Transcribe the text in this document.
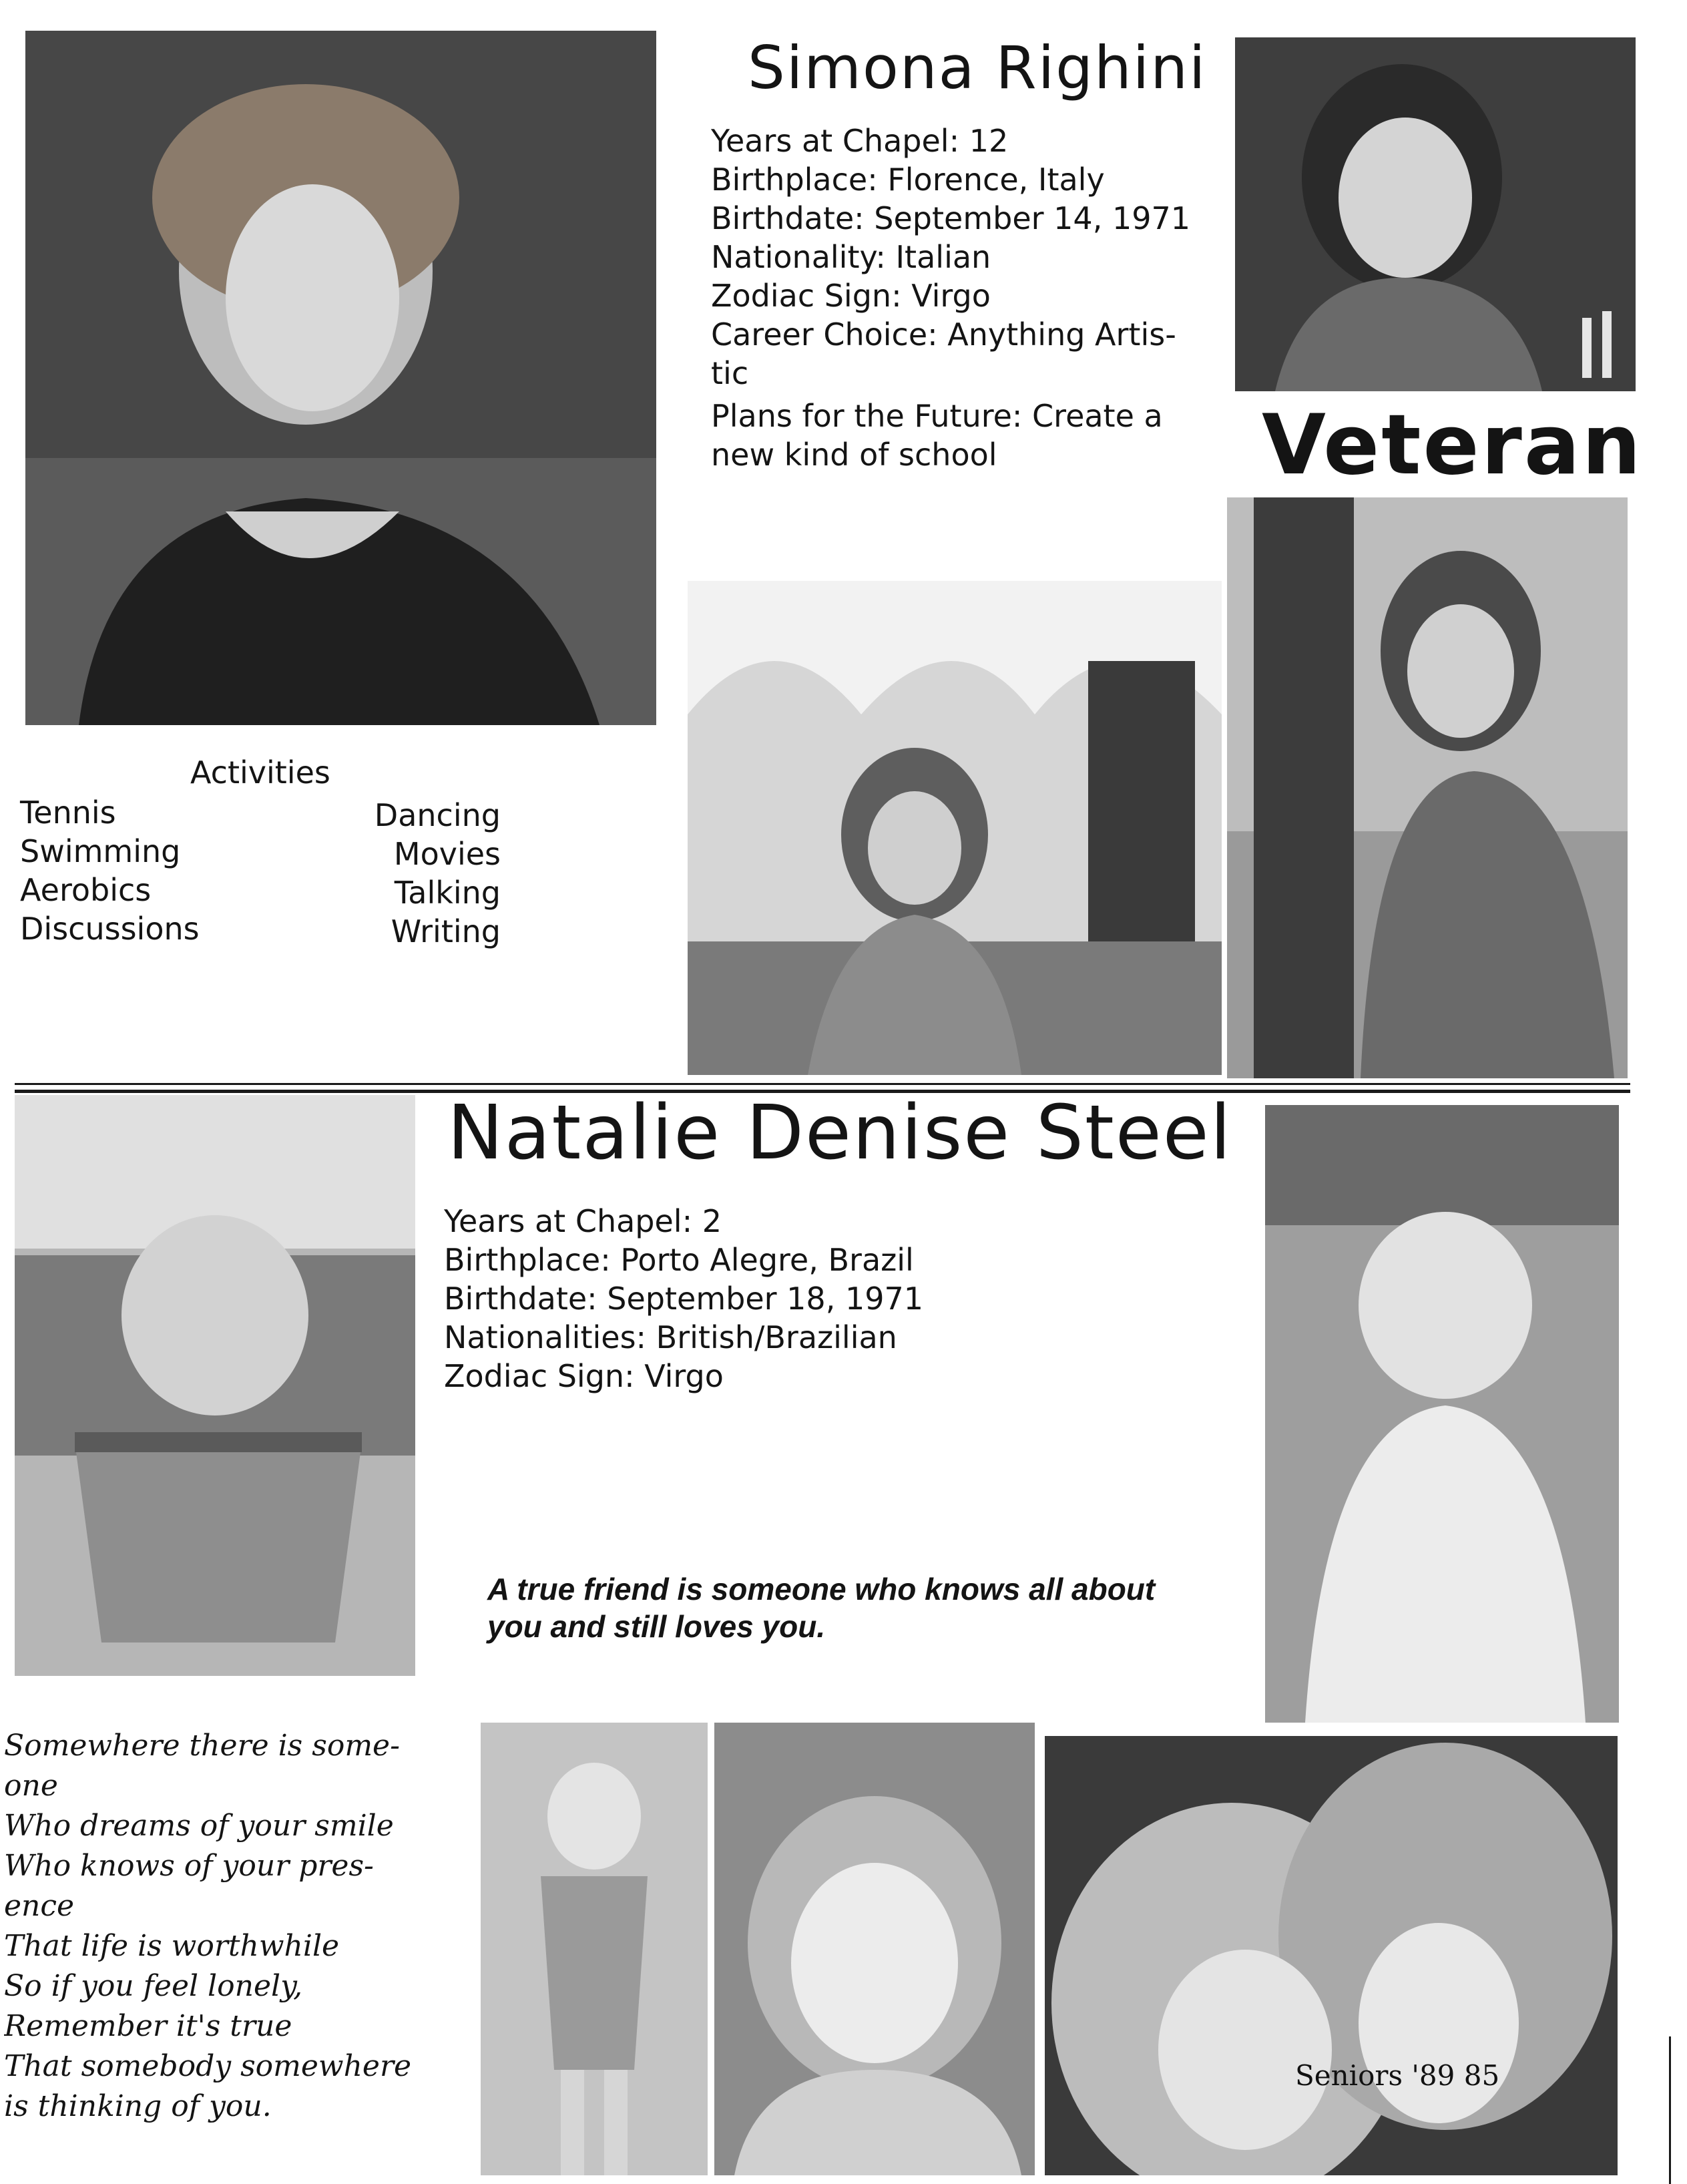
Simona Righini
Years at Chapel: 12
Birthplace: Florence, Italy
Birthdate: September 14, 1971
Nationality: Italian
Zodiac Sign: Virgo
Career Choice: Anything Artis-
tic
Plans for the Future: Create a
new kind of school	Veteran
Activities
Tennis
Swimming
Aerobics
Discussions
Dancing
Movies
Talking
Writing
Natalie Denise Steel
Years at Chapel: 2
Birthplace: Porto Alegre, Brazil
Birthdate: September 18, 1971
Nationalities: British/Brazilian
Zodiac Sign: Virgo
A true friend is someone who knows all about
you and still loves you.
Somewhere there is some-
one
Who dreams of your smile
Who knows of your pres-
ence
That life is worthwhile
So if you feel lonely,
Remember it's true
That somebody somewhere
is thinking of you.
Seniors '89 85
